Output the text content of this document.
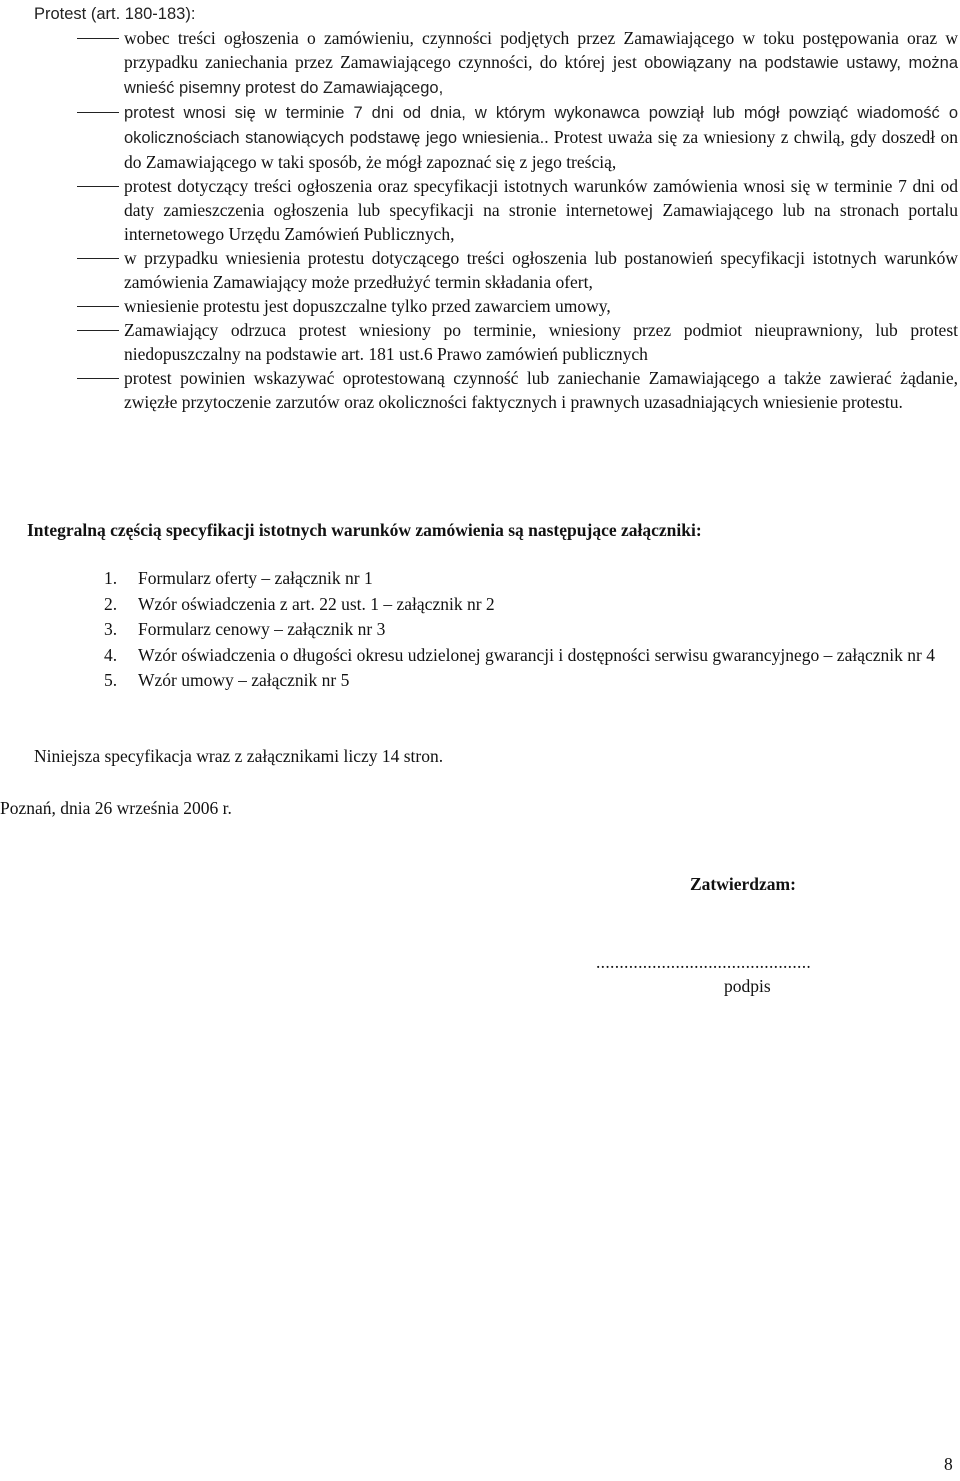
Protest (art. 180-183):
wobec treści ogłoszenia o zamówieniu, czynności podjętych przez Zamawiającego w toku postępowania oraz w przypadku zaniechania przez Zamawiającego czynności, do której jest obowiązany na podstawie ustawy, można wnieść pisemny protest do Zamawiającego,
protest wnosi się w terminie 7 dni od dnia, w którym wykonawca powziął lub mógł powziąć wiadomość o okolicznościach stanowiących podstawę jego wniesienia.. Protest uważa się za wniesiony z chwilą, gdy doszedł on do Zamawiającego w taki sposób, że mógł zapoznać się z jego treścią,
protest dotyczący treści ogłoszenia oraz specyfikacji istotnych warunków zamówienia wnosi się w terminie 7 dni od daty zamieszczenia ogłoszenia lub specyfikacji na stronie internetowej Zamawiającego lub na stronach portalu internetowego Urzędu Zamówień Publicznych,
w przypadku wniesienia protestu dotyczącego treści ogłoszenia lub postanowień specyfikacji istotnych warunków zamówienia Zamawiający może przedłużyć termin składania ofert,
wniesienie protestu jest dopuszczalne tylko przed zawarciem umowy,
Zamawiający odrzuca protest wniesiony po terminie, wniesiony przez podmiot nieuprawniony, lub protest niedopuszczalny na podstawie art. 181 ust.6 Prawo zamówień publicznych
protest powinien wskazywać oprotestowaną czynność lub zaniechanie Zamawiającego a także zawierać żądanie, zwięzłe przytoczenie zarzutów oraz okoliczności faktycznych i prawnych uzasadniających wniesienie protestu.
Integralną częścią specyfikacji istotnych warunków zamówienia są następujące załączniki:
1. Formularz oferty – załącznik nr 1
2. Wzór oświadczenia z art. 22 ust. 1 – załącznik nr 2
3. Formularz cenowy – załącznik nr 3
4. Wzór oświadczenia o długości okresu udzielonej gwarancji i dostępności serwisu gwarancyjnego – załącznik nr 4
5. Wzór umowy – załącznik nr 5
Niniejsza specyfikacja wraz z załącznikami liczy 14 stron.
Poznań, dnia 26 września 2006 r.
Zatwierdzam:
..............................................
podpis
8
